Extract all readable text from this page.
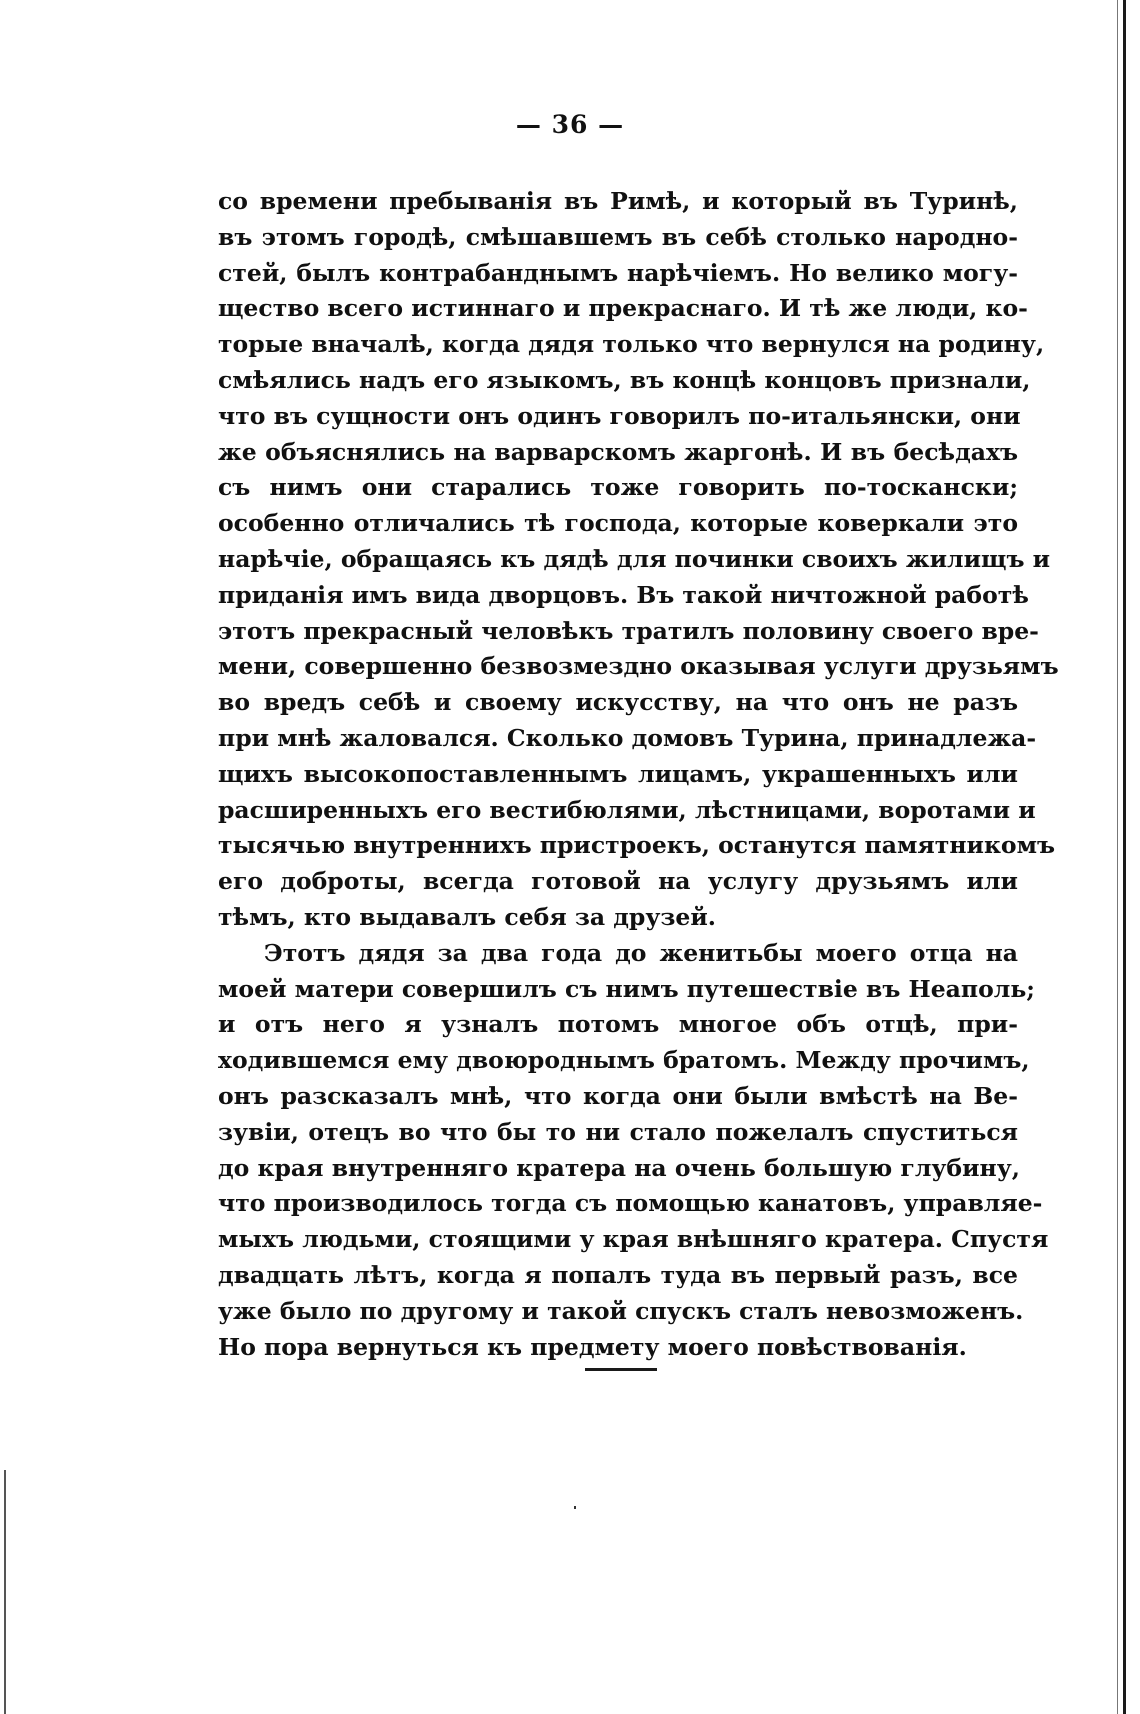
— 36 —
со времени пребыванія въ Римѣ, и который въ Туринѣ,
въ этомъ городѣ, смѣшавшемъ въ себѣ столько народно-
стей, былъ контрабанднымъ нарѣчіемъ. Но велико могу-
щество всего истиннаго и прекраснаго. И тѣ же люди, ко-
торые вначалѣ, когда дядя только что вернулся на родину,
смѣялись надъ его языкомъ, въ концѣ концовъ признали,
что въ сущности онъ одинъ говорилъ по-итальянски, они
же объяснялись на варварскомъ жаргонѣ. И въ бесѣдахъ
съ нимъ они старались тоже говорить по-тоскански;
особенно отличались тѣ господа, которые коверкали это
нарѣчіе, обращаясь къ дядѣ для починки своихъ жилищъ и
приданія имъ вида дворцовъ. Въ такой ничтожной работѣ
этотъ прекрасный человѣкъ тратилъ половину своего вре-
мени, совершенно безвозмездно оказывая услуги друзьямъ
во вредъ себѣ и своему искусству, на что онъ не разъ
при мнѣ жаловался. Сколько домовъ Турина, принадлежа-
щихъ высокопоставленнымъ лицамъ, украшенныхъ или
расширенныхъ его вестибюлями, лѣстницами, воротами и
тысячью внутреннихъ пристроекъ, останутся памятникомъ
его доброты, всегда готовой на услугу друзьямъ или
тѣмъ, кто выдавалъ себя за друзей.
Этотъ дядя за два года до женитьбы моего отца на
моей матери совершилъ съ нимъ путешествіе въ Неаполь;
и отъ него я узналъ потомъ многое объ отцѣ, при-
ходившемся ему двоюроднымъ братомъ. Между прочимъ,
онъ разсказалъ мнѣ, что когда они были вмѣстѣ на Ве-
зувіи, отецъ во что бы то ни стало пожелалъ спуститься
до края внутренняго кратера на очень большую глубину,
что производилось тогда съ помощью канатовъ, управляе-
мыхъ людьми, стоящими у края внѣшняго кратера. Спустя
двадцать лѣтъ, когда я попалъ туда въ первый разъ, все
уже было по другому и такой спускъ сталъ невозможенъ.
Но пора вернуться къ предмету моего повѣствованія.
